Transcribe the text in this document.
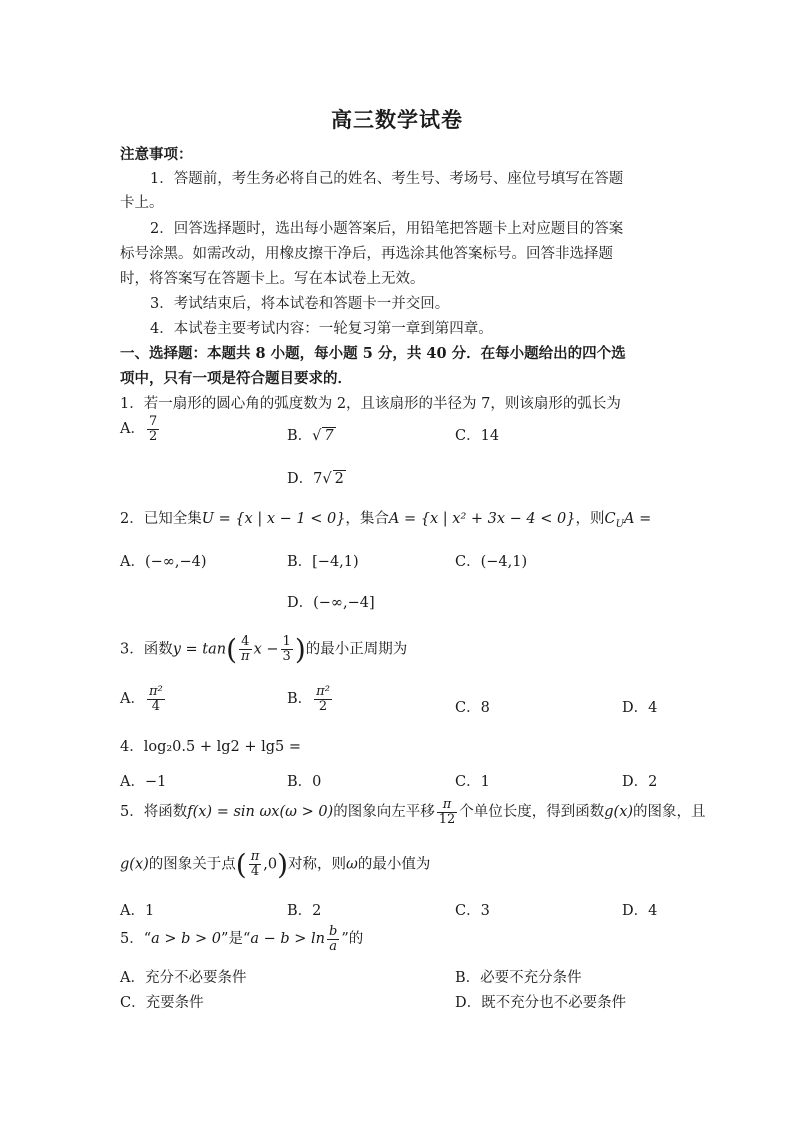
高三数学试卷
注意事项：
1．答题前，考生务必将自己的姓名、考生号、考场号、座位号填写在答题
卡上。
2．回答选择题时，选出每小题答案后，用铅笔把答题卡上对应题目的答案
标号涂黑。如需改动，用橡皮擦干净后，再选涂其他答案标号。回答非选择题
时，将答案写在答题卡上。写在本试卷上无效。
3．考试结束后，将本试卷和答题卡一并交回。
4．本试卷主要考试内容：一轮复习第一章到第四章。
一、选择题：本题共 8 小题，每小题 5 分，共 40 分．在每小题给出的四个选
项中，只有一项是符合题目要求的．
1．若一扇形的圆心角的弧度数为 2，且该扇形的半径为 7，则该扇形的弧长为
A． $\frac{7}{2}$	B．√ 7	C．14
D．7√ 2
2．已知全集U = {x | x − 1 < 0}，集合A = {x | x² + 3x − 4 < 0}，则$C_UA$ =
A．(−∞,−4)	B．[−4,1)	C．(−4,1)
D．(−∞,−4]
3．函数$y = \tan( \frac{4}{\pi}$ $x - \frac{1}{3}$ )的最小正周期为
A． $\frac{\text{π²}}{4}$	B． $\frac{\text{π²}}{2}$	C．8	D．4
4．log₂0.5 + lg2 + lg5 =
A．−1	B．0	C．1	D．2
5．将函数f(x) = sin ωx(ω > 0)的图象向左平移 $\frac{\pi}{12}$ 个单位长度，得到函数g(x)的图象，且
g(x)的图象关于点( $\frac{\pi}{4} ,0$)对称，则ω的最小值为
A．1	B．2	C．3	D．4
5．“a > b > 0”是“$a - b > \ln \frac{b}{a}$ ”的
A．充分不必要条件	B．必要不充分条件
C．充要条件	D．既不充分也不必要条件
